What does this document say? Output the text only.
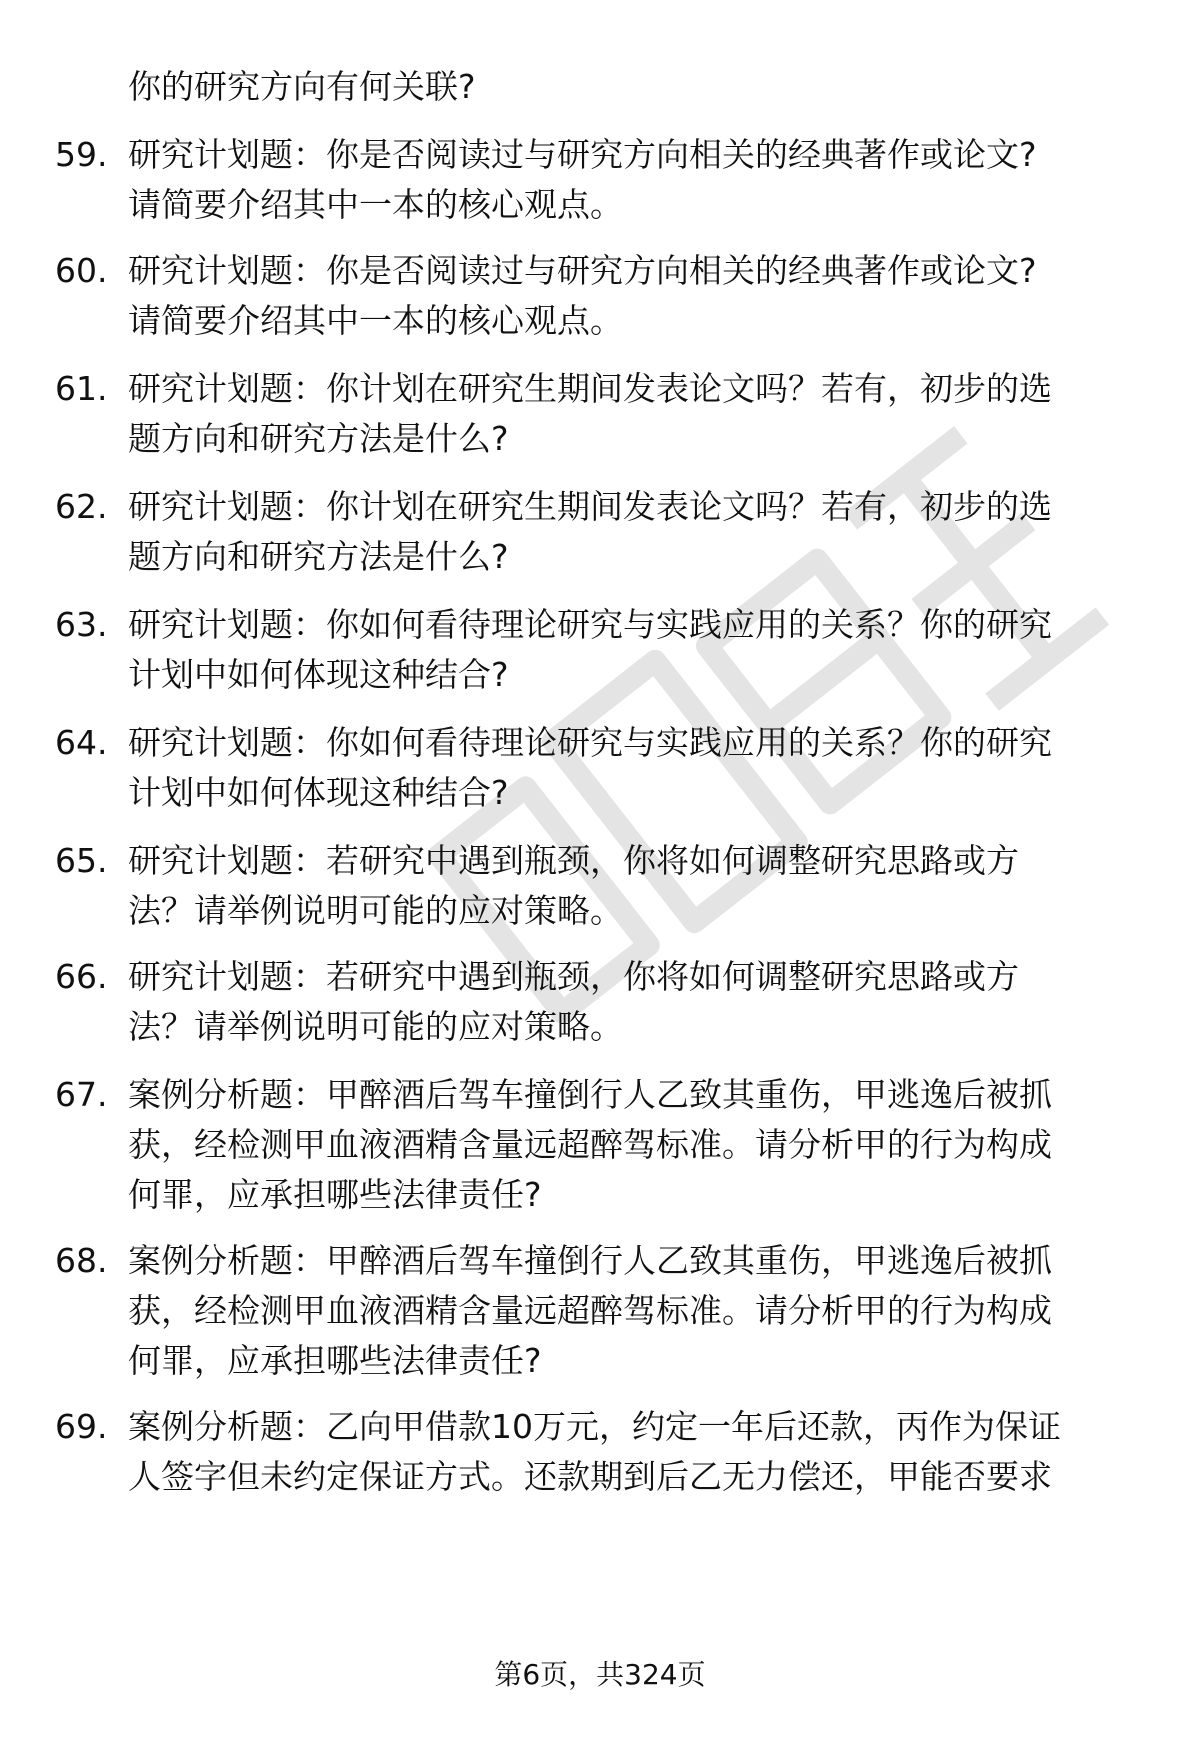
你的研究方向有何关联?
59. 研究计划题：你是否阅读过与研究方向相关的经典著作或论文?
请简要介绍其中一本的核心观点。
60. 研究计划题：你是否阅读过与研究方向相关的经典著作或论文?
请简要介绍其中一本的核心观点。
61. 研究计划题：你计划在研究生期间发表论文吗？若有，初步的选
题方向和研究方法是什么?
62. 研究计划题：你计划在研究生期间发表论文吗？若有，初步的选
题方向和研究方法是什么?
63. 研究计划题：你如何看待理论研究与实践应用的关系？你的研究
计划中如何体现这种结合?
64. 研究计划题：你如何看待理论研究与实践应用的关系？你的研究
计划中如何体现这种结合?
65. 研究计划题：若研究中遇到瓶颈，你将如何调整研究思路或方
法？请举例说明可能的应对策略。
66. 研究计划题：若研究中遇到瓶颈，你将如何调整研究思路或方
法？请举例说明可能的应对策略。
67. 案例分析题：甲醉酒后驾车撞倒行人乙致其重伤，甲逃逸后被抓
获，经检测甲血液酒精含量远超醉驾标准。请分析甲的行为构成
何罪，应承担哪些法律责任?
68. 案例分析题：甲醉酒后驾车撞倒行人乙致其重伤，甲逃逸后被抓
获，经检测甲血液酒精含量远超醉驾标准。请分析甲的行为构成
何罪，应承担哪些法律责任?
69. 案例分析题：乙向甲借款10万元，约定一年后还款，丙作为保证
人签字但未约定保证方式。还款期到后乙无力偿还，甲能否要求
第6页，共324页
